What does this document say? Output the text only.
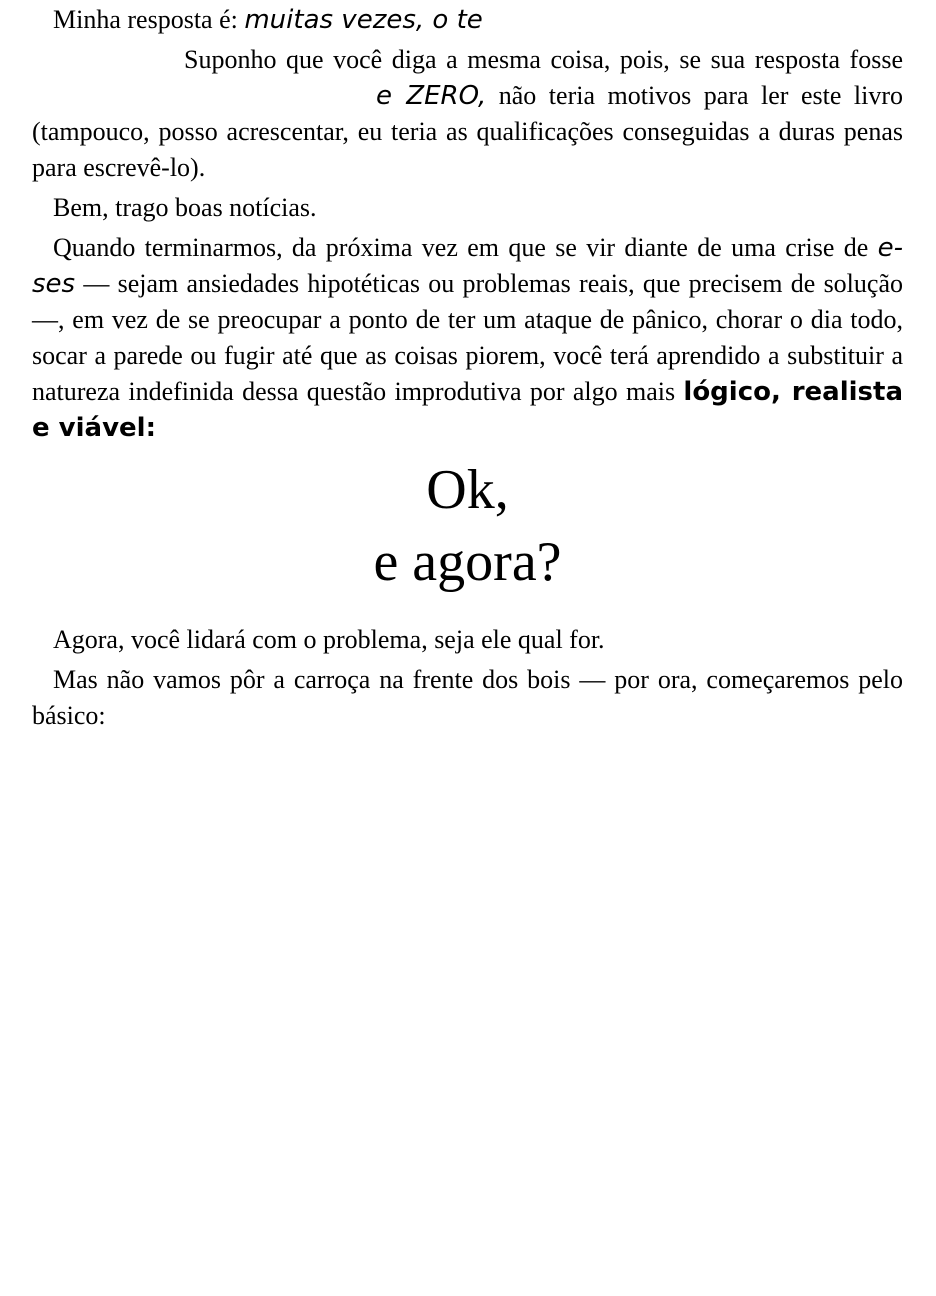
Minha resposta é: muitas vezes, o te

Suponho que você diga a mesma coisa, pois, se sua resposta fossee ZERO, não teria motivos para ler este livro (tampouco, posso acrescentar, eu teria as qualificações conseguidas a duras penas para escrevê-lo).

Bem, trago boas notícias.

Quando terminarmos, da próxima vez em que se vir diante de uma crise de e-ses — sejam ansiedades hipotéticas ou problemas reais, que precisem de solução —, em vez de se preocupar a ponto de ter um ataque de pânico, chorar o dia todo, socar a parede ou fugir até que as coisas piorem, você terá aprendido a substituir a natureza indefinida dessa questão improdutiva por algo mais lógico, realista e viável:

Ok,
e agora?

Agora, você lidará com o problema, seja ele qual for.

Mas não vamos pôr a carroça na frente dos bois — por ora, começaremos pelo básico:
